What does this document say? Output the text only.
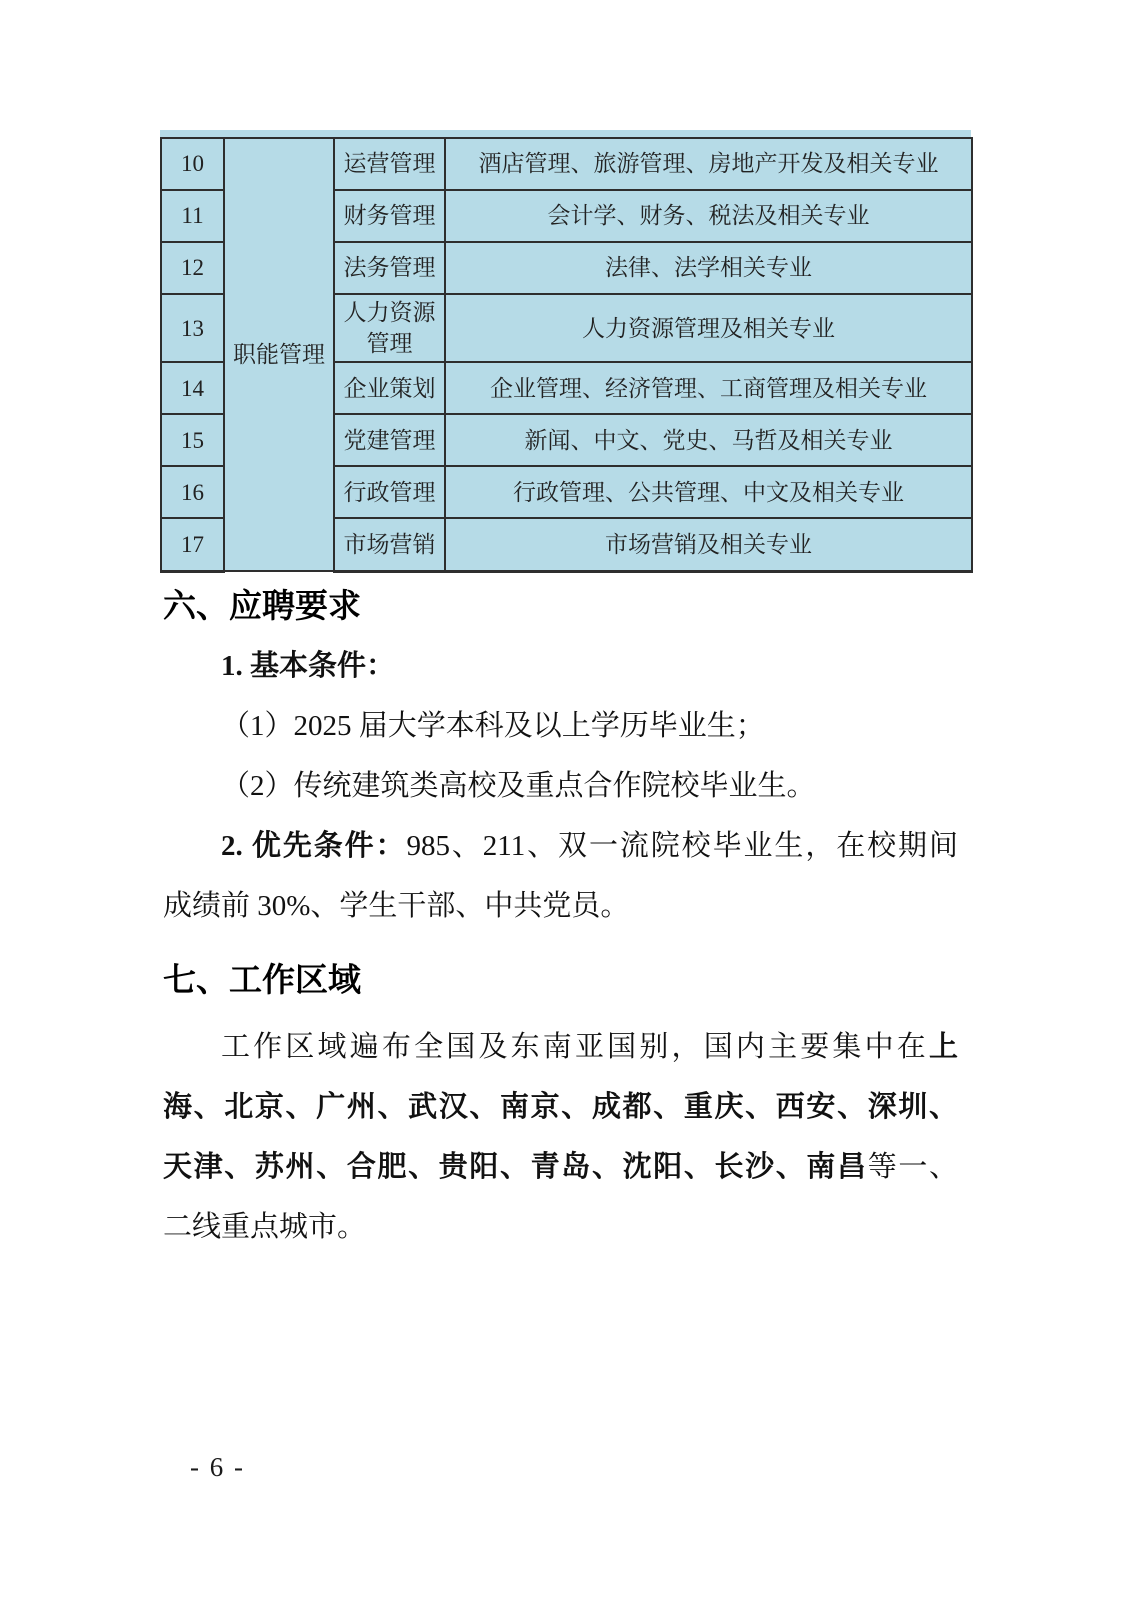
10	职能管理	运营管理	酒店管理、旅游管理、房地产开发及相关专业
11		财务管理	会计学、财务、税法及相关专业
12		法务管理	法律、法学相关专业
13		人力资源管理	人力资源管理及相关专业
14		企业策划	企业管理、经济管理、工商管理及相关专业
15		党建管理	新闻、中文、党史、马哲及相关专业
16		行政管理	行政管理、公共管理、中文及相关专业
17		市场营销	市场营销及相关专业
六、应聘要求
1. 基本条件：
（1）2025 届大学本科及以上学历毕业生；
（2）传统建筑类高校及重点合作院校毕业生。
2. 优先条件：985、211、双一流院校毕业生，在校期间
成绩前 30%、学生干部、中共党员。
七、工作区域
工作区域遍布全国及东南亚国别，国内主要集中在上
海、北京、广州、武汉、南京、成都、重庆、西安、深圳、
天津、苏州、合肥、贵阳、青岛、沈阳、长沙、南昌等一、
二线重点城市。
- 6 -
